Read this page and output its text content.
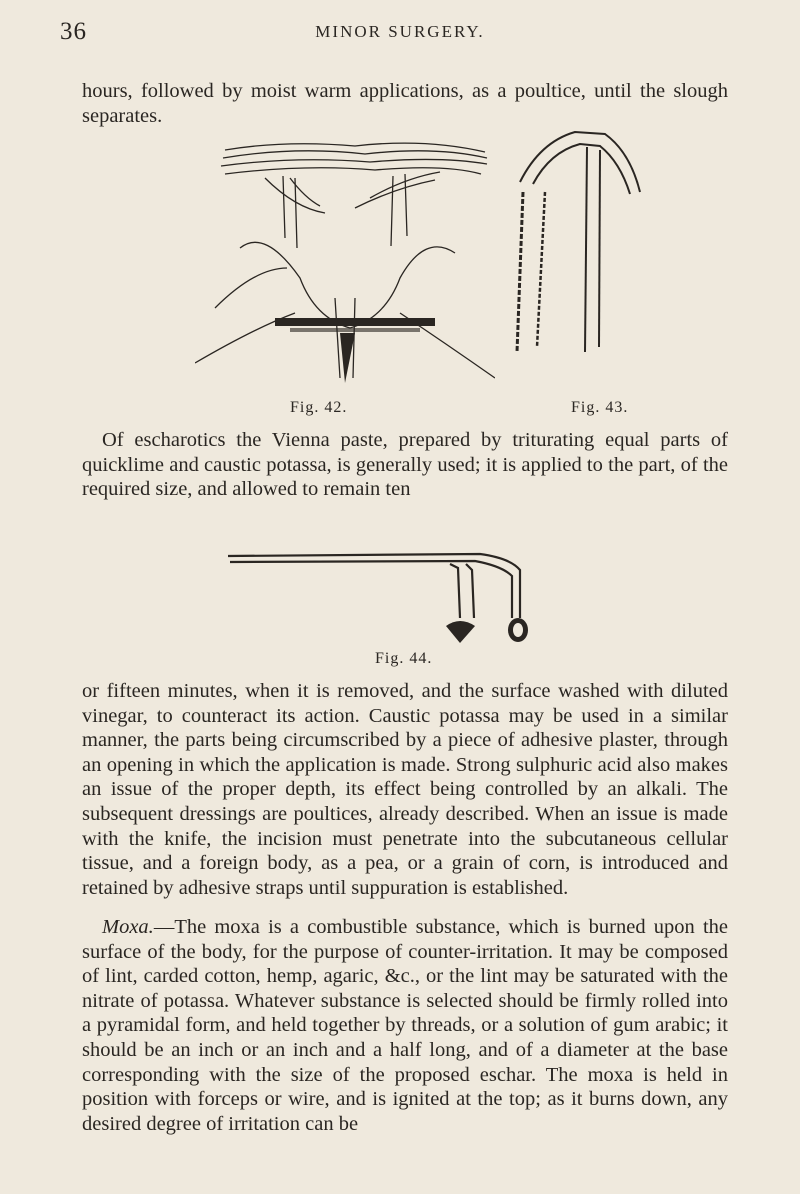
36	MINOR SURGERY.

hours, followed by moist warm applications, as a poultice, until the slough separates.

Fig. 42.	Fig. 43.

Of escharotics the Vienna paste, prepared by triturating equal parts of quicklime and caustic potassa, is generally used; it is applied to the part, of the required size, and allowed to remain ten

Fig. 44.

or fifteen minutes, when it is removed, and the surface washed with diluted vinegar, to counteract its action. Caustic potassa may be used in a similar manner, the parts being circumscribed by a piece of adhesive plaster, through an opening in which the application is made. Strong sulphuric acid also makes an issue of the proper depth, its effect being controlled by an alkali. The subsequent dressings are poultices, already described. When an issue is made with the knife, the incision must penetrate into the subcutaneous cellular tissue, and a foreign body, as a pea, or a grain of corn, is introduced and retained by adhesive straps until suppuration is established.

Moxa.—The moxa is a combustible substance, which is burned upon the surface of the body, for the purpose of counter-irritation. It may be composed of lint, carded cotton, hemp, agaric, &c., or the lint may be saturated with the nitrate of potassa. Whatever substance is selected should be firmly rolled into a pyramidal form, and held together by threads, or a solution of gum arabic; it should be an inch or an inch and a half long, and of a diameter at the base corresponding with the size of the proposed eschar. The moxa is held in position with forceps or wire, and is ignited at the top; as it burns down, any desired degree of irritation can be
